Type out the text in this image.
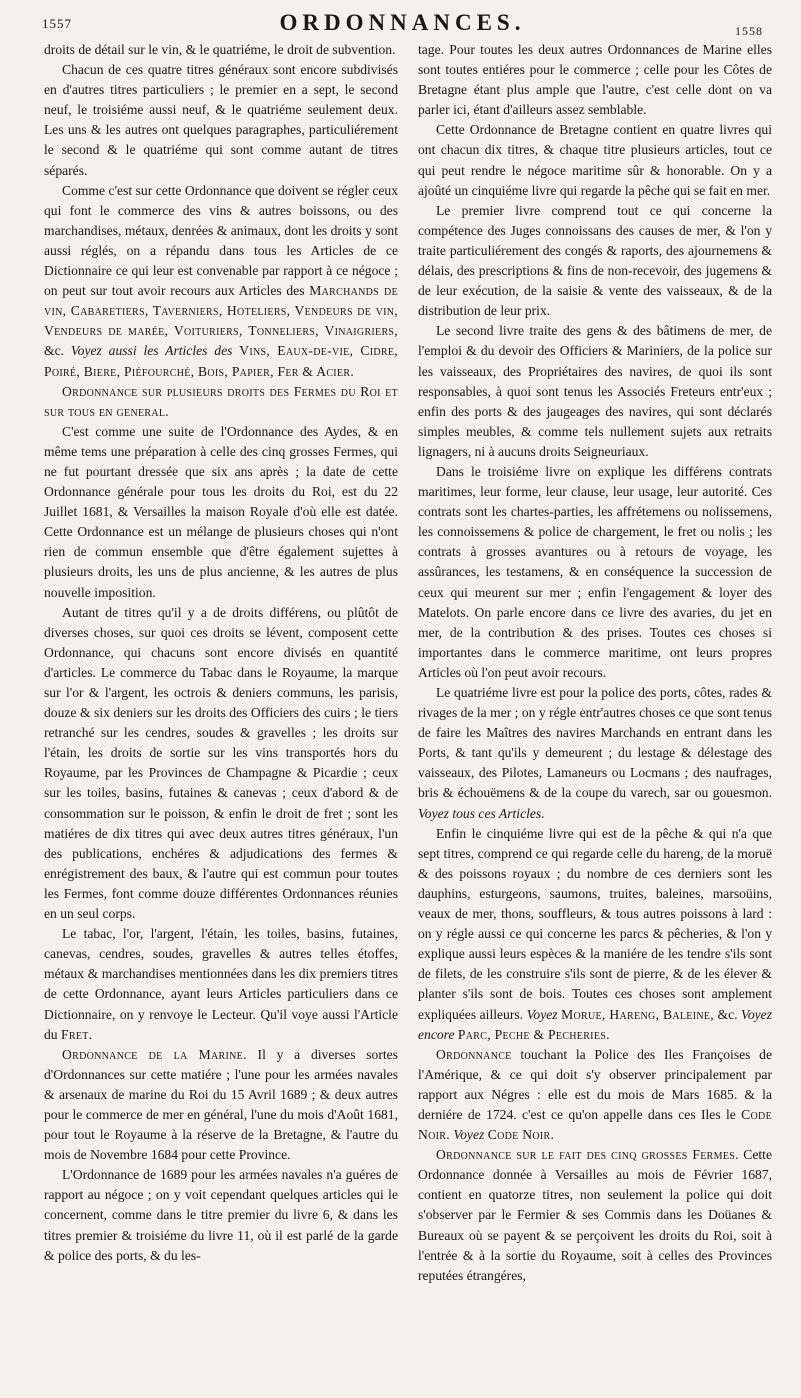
1557	ORDONNANCES.	1558

droits de détail sur le vin, & le quatriéme, le droit de subvention.

Chacun de ces quatre titres généraux sont encore subdivisés en d'autres titres particuliers ; le premier en a sept, le second neuf, le troisiéme aussi neuf, & le quatriéme seulement deux. Les uns & les autres ont quelques paragraphes, particuliérement le second & le quatriéme qui sont comme autant de titres séparés.

Comme c'est sur cette Ordonnance que doivent se régler ceux qui font le commerce des vins & autres boissons, ou des marchandises, métaux, denrées & animaux, dont les droits y sont aussi réglés, on a répandu dans tous les Articles de ce Dictionnaire ce qui leur est convenable par rapport à ce négoce ; on peut sur tout avoir recours aux Articles des Marchands de vin, Cabaretiers, Taverniers, Hoteliers, Vendeurs de vin, Vendeurs de marée, Voituriers, Tonneliers, Vinaigriers, &c. Voyez aussi les Articles des Vins, Eaux-de-vie, Cidre, Poiré, Biere, Piéfourché, Bois, Papier, Fer & Acier.

Ordonnance sur plusieurs droits des Fermes du Roi et sur tous en general.

C'est comme une suite de l'Ordonnance des Aydes, & en même tems une préparation à celle des cinq grosses Fermes, qui ne fut pourtant dressée que six ans après ; la date de cette Ordonnance générale pour tous les droits du Roi, est du 22 Juillet 1681, & Versailles la maison Royale d'où elle est datée. Cette Ordonnance est un mélange de plusieurs choses qui n'ont rien de commun ensemble que d'être également sujettes à plusieurs droits, les uns de plus ancienne, & les autres de plus nouvelle imposition.

Autant de titres qu'il y a de droits différens, ou plûtôt de diverses choses, sur quoi ces droits se lévent, composent cette Ordonnance, qui chacuns sont encore divisés en quantité d'articles. Le commerce du Tabac dans le Royaume, la marque sur l'or & l'argent, les octrois & deniers communs, les parisis, douze & six deniers sur les droits des Officiers des cuirs ; le tiers retranché sur les cendres, soudes & gravelles ; les droits sur l'étain, les droits de sortie sur les vins transportés hors du Royaume, par les Provinces de Champagne & Picardie ; ceux sur les toiles, basins, futaines & canevas ; ceux d'abord & de consommation sur le poisson, & enfin le droit de fret ; sont les matiéres de dix titres qui avec deux autres titres généraux, l'un des publications, enchéres & adjudications des fermes & enrégistrement des baux, & l'autre qui est commun pour toutes les Fermes, font comme douze différentes Ordonnances réunies en un seul corps.

Le tabac, l'or, l'argent, l'étain, les toiles, basins, futaines, canevas, cendres, soudes, gravelles & autres telles étoffes, métaux & marchandises mentionnées dans les dix premiers titres de cette Ordonnance, ayant leurs Articles particuliers dans ce Dictionnaire, on y renvoye le Lecteur. Qu'il voye aussi l'Article du Fret.

Ordonnance de la Marine. Il y a diverses sortes d'Ordonnances sur cette matiére ; l'une pour les armées navales & arsenaux de marine du Roi du 15 Avril 1689 ; & deux autres pour le commerce de mer en général, l'une du mois d'Août 1681, pour tout le Royaume à la réserve de la Bretagne, & l'autre du mois de Novembre 1684 pour cette Province.

L'Ordonnance de 1689 pour les armées navales n'a guéres de rapport au négoce ; on y voit cependant quelques articles qui le concernent, comme dans le titre premier du livre 6, & dans les titres premier & troisiéme du livre 11, où il est parlé de la garde & police des ports, & du les-

tage. Pour toutes les deux autres Ordonnances de Marine elles sont toutes entiéres pour le commerce ; celle pour les Côtes de Bretagne étant plus ample que l'autre, c'est celle dont on va parler ici, étant d'ailleurs assez semblable.

Cette Ordonnance de Bretagne contient en quatre livres qui ont chacun dix titres, & chaque titre plusieurs articles, tout ce qui peut rendre le négoce maritime sûr & honorable. On y a ajoûté un cinquiéme livre qui regarde la pêche qui se fait en mer.

Le premier livre comprend tout ce qui concerne la compétence des Juges connoissans des causes de mer, & l'on y traite particuliérement des congés & raports, des ajournemens & délais, des prescriptions & fins de non-recevoir, des jugemens & de leur exécution, de la saisie & vente des vaisseaux, & de la distribution de leur prix.

Le second livre traite des gens & des bâtimens de mer, de l'emploi & du devoir des Officiers & Mariniers, de la police sur les vaisseaux, des Propriétaires des navires, de quoi ils sont responsables, à quoi sont tenus les Associés Freteurs entr'eux ; enfin des ports & des jaugeages des navires, qui sont déclarés simples meubles, & comme tels nullement sujets aux retraits lignagers, ni à aucuns droits Seigneuriaux.

Dans le troisiéme livre on explique les différens contrats maritimes, leur forme, leur clause, leur usage, leur autorité. Ces contrats sont les chartes-parties, les affrétemens ou nolissemens, les connoissemens & police de chargement, le fret ou nolis ; les contrats à grosses avantures ou à retours de voyage, les assûrances, les testamens, & en conséquence la succession de ceux qui meurent sur mer ; enfin l'engagement & loyer des Matelots. On parle encore dans ce livre des avaries, du jet en mer, de la contribution & des prises. Toutes ces choses si importantes dans le commerce maritime, ont leurs propres Articles où l'on peut avoir recours.

Le quatriéme livre est pour la police des ports, côtes, rades & rivages de la mer ; on y régle entr'autres choses ce que sont tenus de faire les Maîtres des navires Marchands en entrant dans les Ports, & tant qu'ils y demeurent ; du lestage & délestage des vaisseaux, des Pilotes, Lamaneurs ou Locmans ; des naufrages, bris & échouëmens & de la coupe du varech, sar ou gouesmon. Voyez tous ces Articles.

Enfin le cinquiéme livre qui est de la pêche & qui n'a que sept titres, comprend ce qui regarde celle du hareng, de la moruë & des poissons royaux ; du nombre de ces derniers sont les dauphins, esturgeons, saumons, truites, baleines, marsoüins, veaux de mer, thons, souffleurs, & tous autres poissons à lard : on y régle aussi ce qui concerne les parcs & pêcheries, & l'on y explique aussi leurs espèces & la maniére de les tendre s'ils sont de filets, de les construire s'ils sont de pierre, & de les élever & planter s'ils sont de bois. Toutes ces choses sont amplement expliquées ailleurs. Voyez Morue, Hareng, Baleine, &c. Voyez encore Parc, Peche & Pecheries.

Ordonnance touchant la Police des Iles Françoises de l'Amérique, & ce qui doit s'y observer principalement par rapport aux Négres : elle est du mois de Mars 1685. & la derniére de 1724. c'est ce qu'on appelle dans ces Iles le Code Noir. Voyez Code Noir.

Ordonnance sur le fait des cinq grosses Fermes. Cette Ordonnance donnée à Versailles au mois de Février 1687, contient en quatorze titres, non seulement la police qui doit s'observer par le Fermier & ses Commis dans les Doüanes & Bureaux où se payent & se perçoivent les droits du Roi, soit à l'entrée & à la sortie du Royaume, soit à celles des Provinces reputées étrangéres,
